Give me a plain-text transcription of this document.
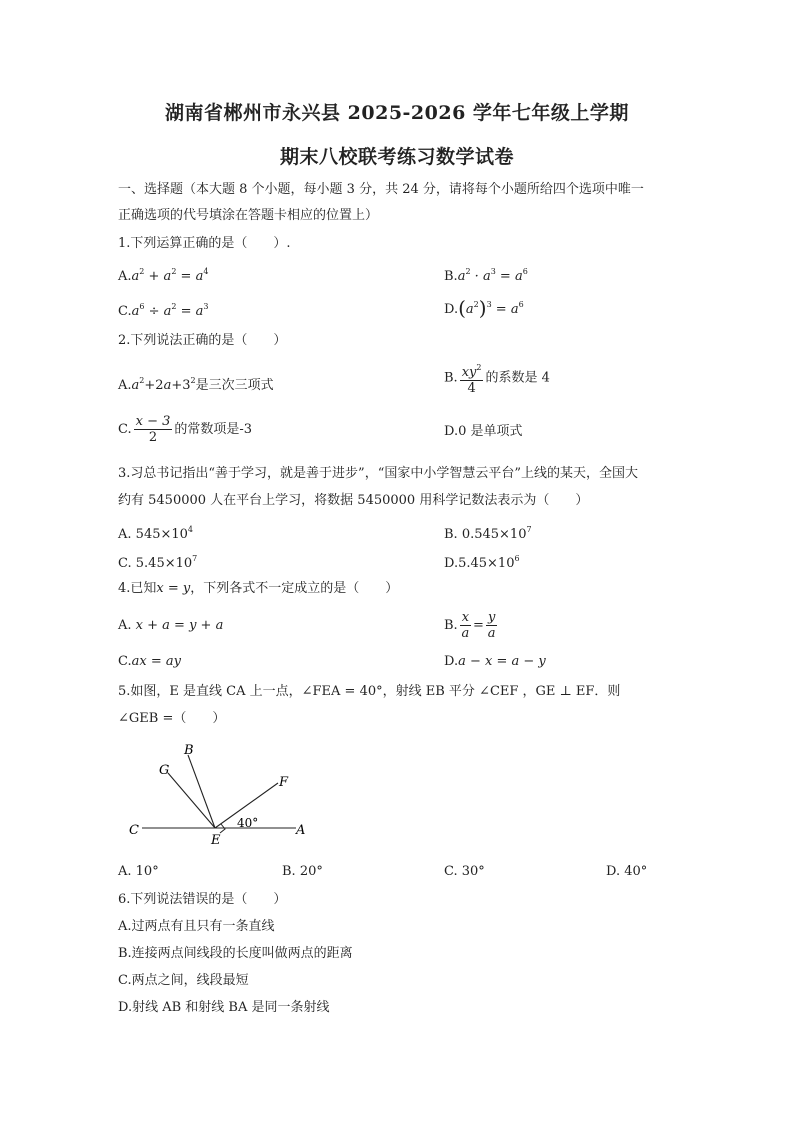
湖南省郴州市永兴县 2025-2026 学年七年级上学期
期末八校联考练习数学试卷
一、选择题（本大题 8 个小题，每小题 3 分，共 24 分，请将每个小题所给四个选项中唯一
正确选项的代号填涂在答题卡相应的位置上）
1.下列运算正确的是（　　）.
$A.a^2 + a^2 = a^4$	$B.a^2 \cdot a^3 = a^6$
$C.a^6 \div a^2 = a^3$	$D.(a^2)^3 = a^6$
2.下列说法正确的是（　　）
$A.a^2+2a+3^2$是三次三项式	B. $\frac{xy^2}{4}$ 的系数是 4
C. $\frac{x - 3}{2}$ 的常数项是-3	D.0 是单项式
3.习总书记指出“善于学习，就是善于进步”，“国家中小学智慧云平台”上线的某天，全国大
约有 5450000 人在平台上学习，将数据 5450000 用科学记数法表示为（　　）
A. $545\times 10^4$	B. $0.545\times 10^7$
C. $5.45\times 10^7$	$D.5.45\times 10^6$
4.已知x = y，下列各式不一定成立的是（　　）
A. x + a = y + a	B. $\frac{x}{a} = \frac{y}{a}$
C.ax = ay	D.a − x = a − y
5.如图，E 是直线 CA 上一点，∠FEA = 40°，射线 EB 平分 ∠CEF ，GE ⊥ EF．则
∠GEB =（　　）
B
G
F
C
E
A
40°
A. 10°	B. 20°	C. 30°	D. 40°
6.下列说法错误的是（　　）
A.过两点有且只有一条直线
B.连接两点间线段的长度叫做两点的距离
C.两点之间，线段最短
D.射线 AB 和射线 BA 是同一条射线
